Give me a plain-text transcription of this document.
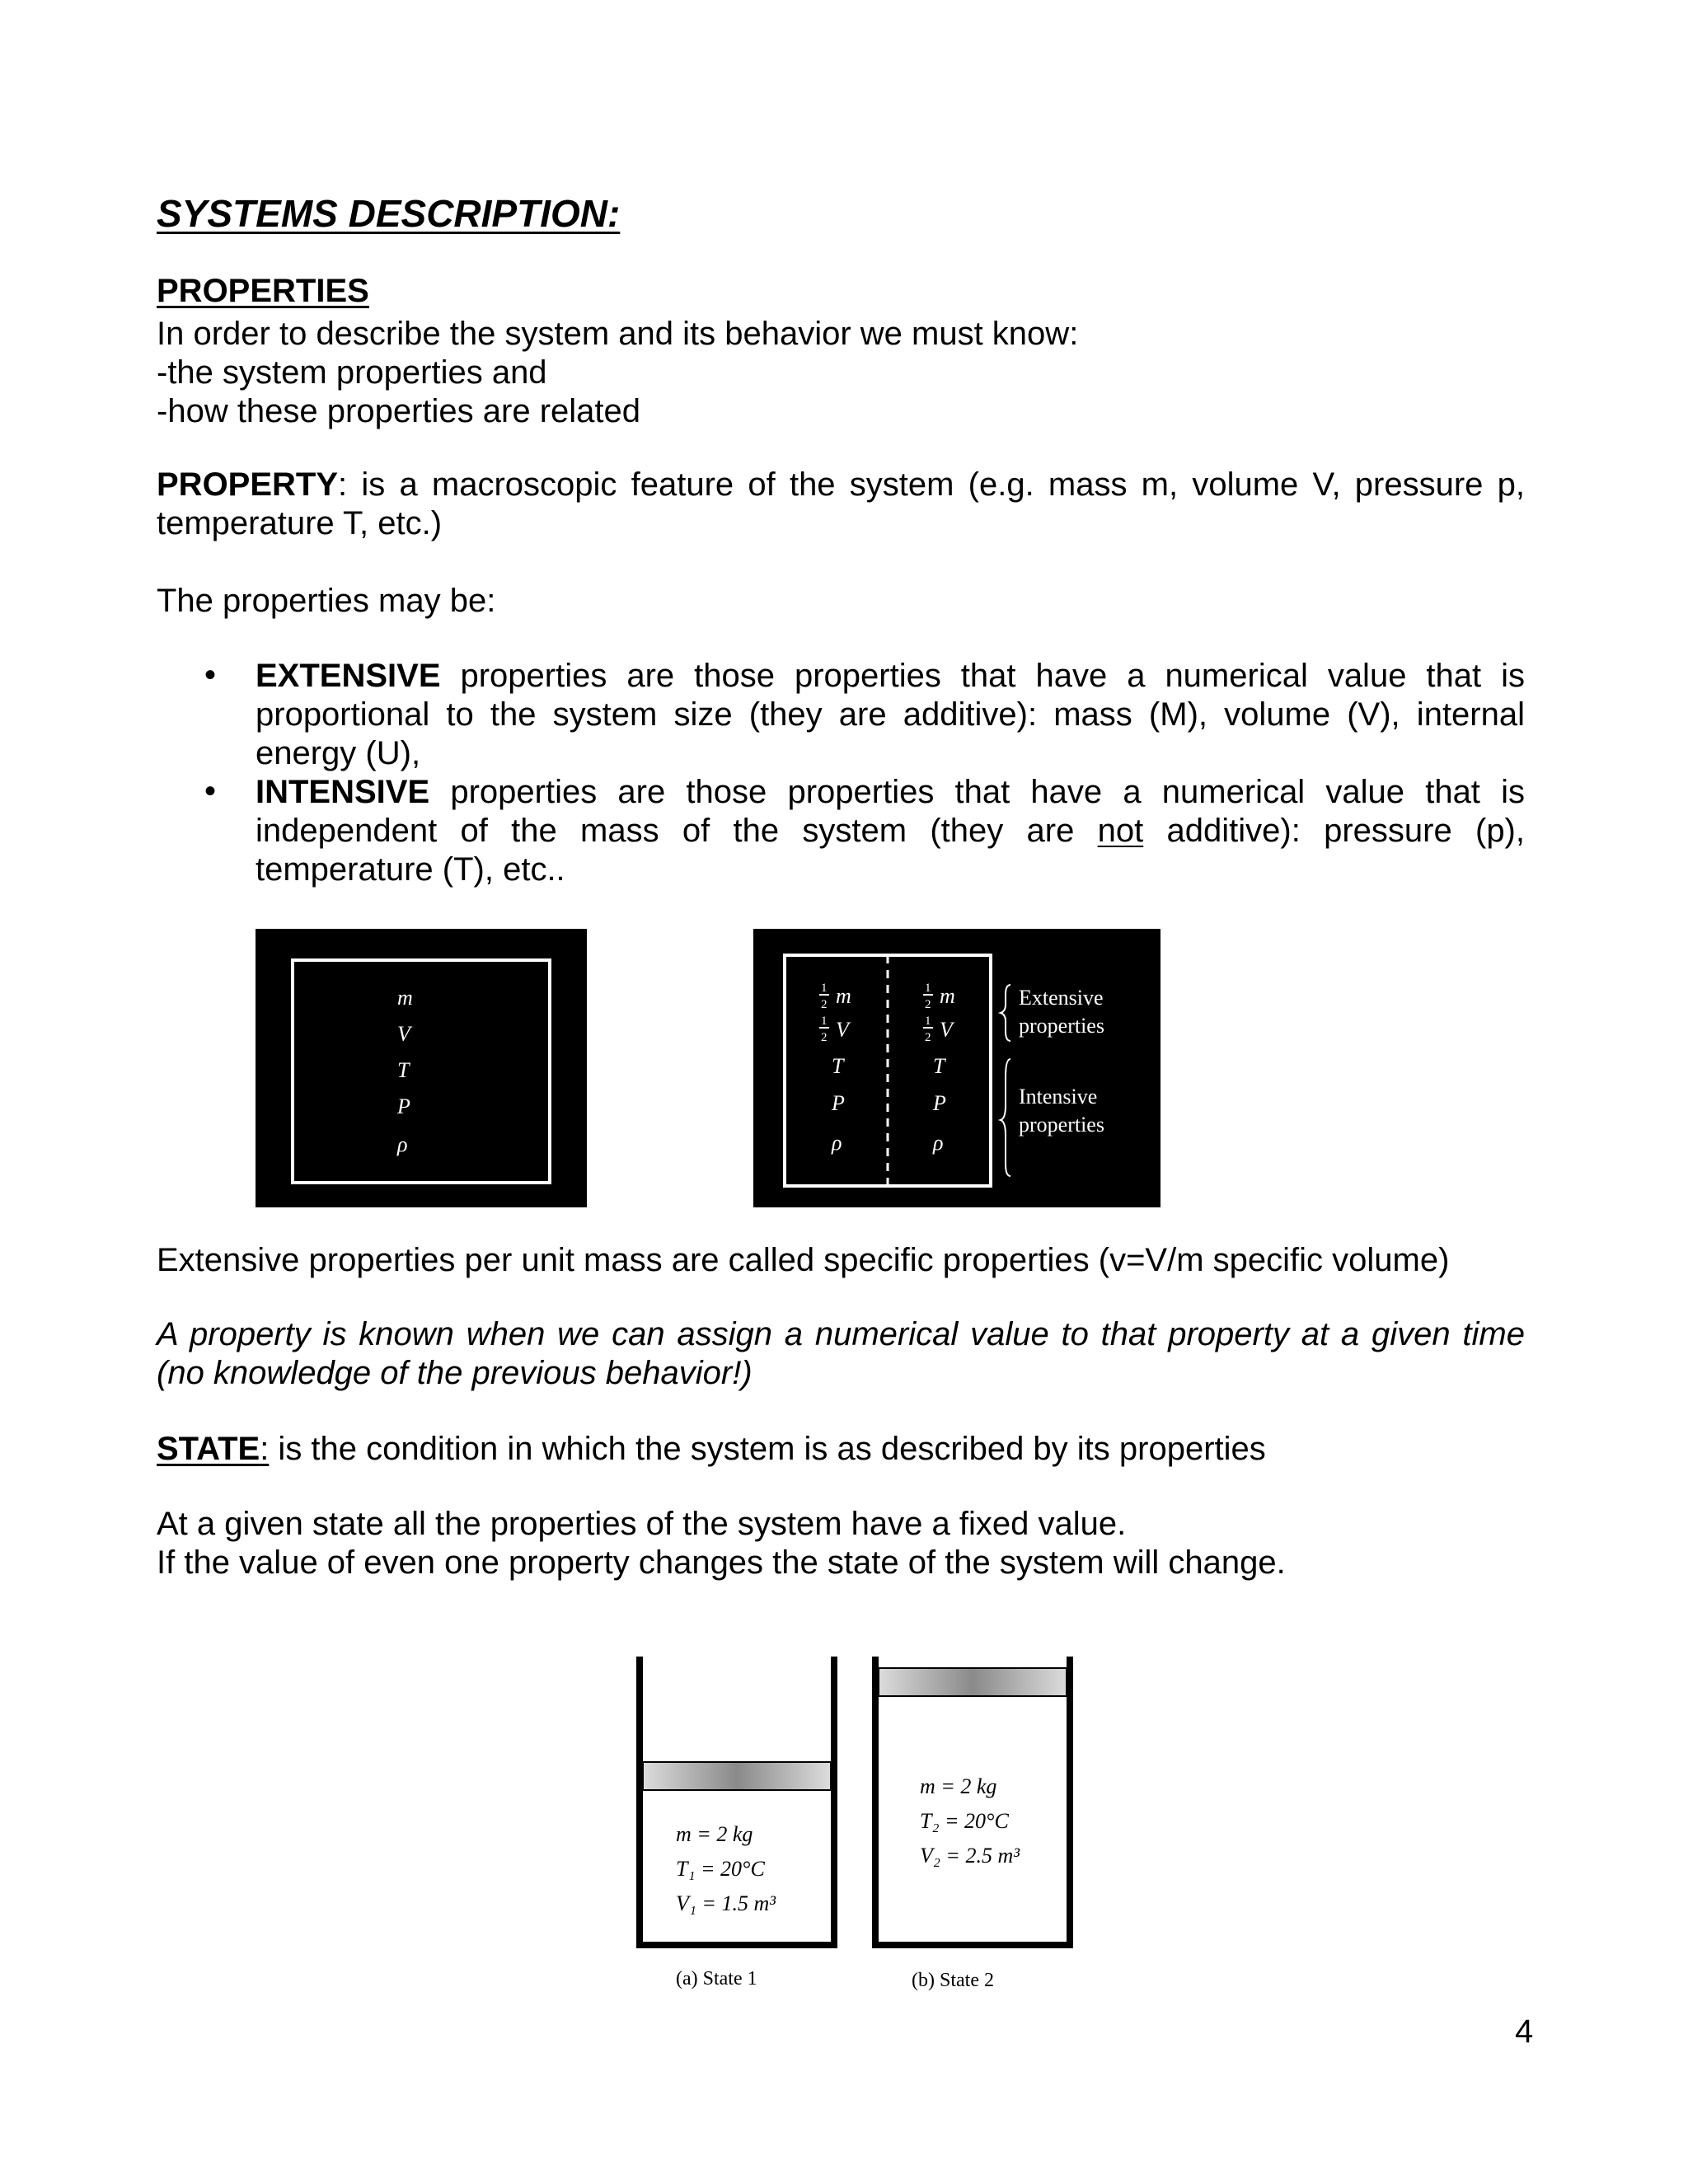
SYSTEMS DESCRIPTION:
PROPERTIES
In order to describe the system and its behavior we must know:
-the system properties and
-how these properties are related
PROPERTY: is a macroscopic feature of the system (e.g. mass m, volume V, pressure p, temperature T, etc.)
The properties may be:
• EXTENSIVE properties are those properties that have a numerical value that is proportional to the system size (they are additive): mass (M), volume (V), internal energy (U),
• INTENSIVE properties are those properties that have a numerical value that is independent of the mass of the system (they are not additive): pressure (p), temperature (T), etc..
m
V
T
P
ρ
1
2 m
1
2 V
T
P
ρ
1
2 m
1
2 V
T
P
ρ
Extensive
properties
Intensive
properties
Extensive properties per unit mass are called specific properties (v=V/m specific volume)
A property is known when we can assign a numerical value to that property at a given time (no knowledge of the previous behavior!)
STATE: is the condition in which the system is as described by its properties
At a given state all the properties of the system have a fixed value.
If the value of even one property changes the state of the system will change.
m = 2 kg
T₁ = 20°C
V₁ = 1.5 m³
(a) State 1
m = 2 kg
T₂ = 20°C
V₂ = 2.5 m³
(b) State 2
4
